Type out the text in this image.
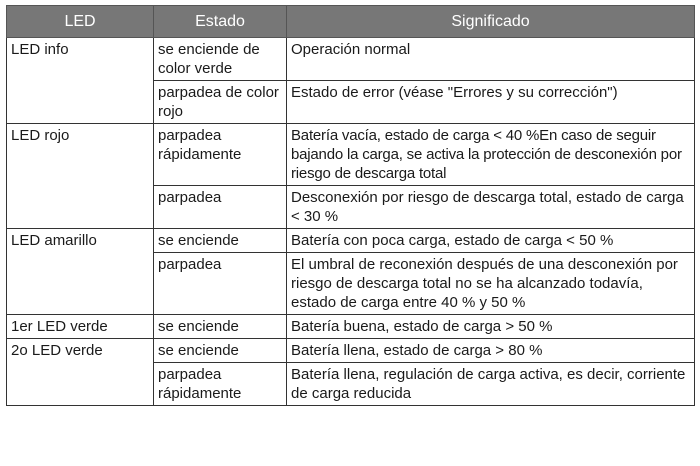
LED	Estado	Significado
LED info	se enciende de color verde	Operación normal
	parpadea de color rojo	Estado de error (véase "Errores y su corrección")
LED rojo	parpadea rápidamente	Batería vacía, estado de carga < 40 %En caso de seguir bajando la carga, se activa la protección de desconexión por riesgo de descarga total
	parpadea	Desconexión por riesgo de descarga total, estado de carga < 30 %
LED amarillo	se enciende	Batería con poca carga, estado de carga < 50 %
	parpadea	El umbral de reconexión después de una desconexión por riesgo de descarga total no se ha alcanzado todavía, estado de carga entre 40 % y 50 %
1er LED verde	se enciende	Batería buena, estado de carga > 50 %
2o LED verde	se enciende	Batería llena, estado de carga > 80 %
	parpadea rápidamente	Batería llena, regulación de carga activa, es decir, corriente de carga reducida
